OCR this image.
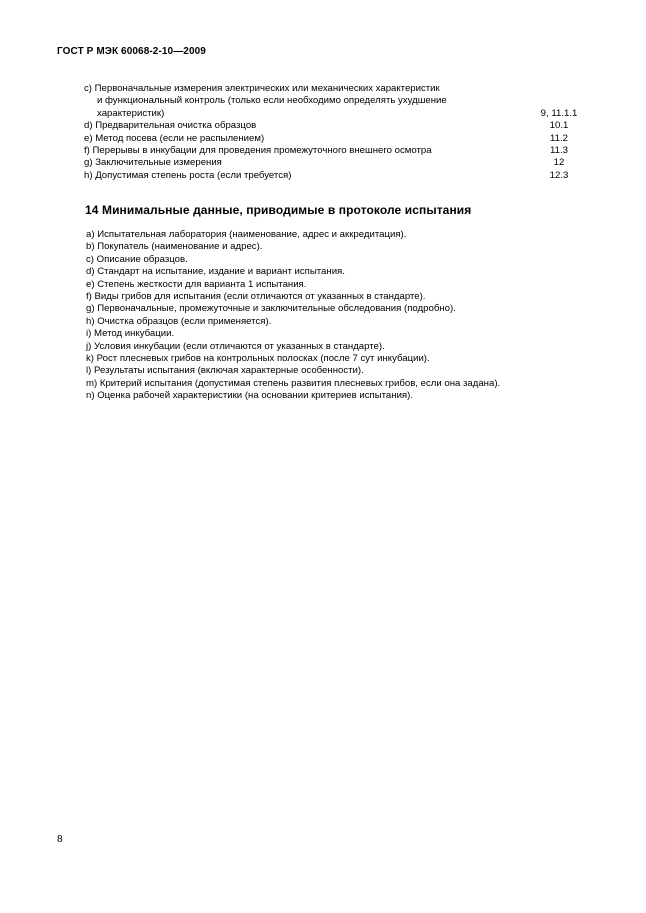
ГОСТ Р МЭК 60068-2-10—2009
c) Первоначальные измерения электрических или механических характеристик
и функциональный контроль (только если необходимо определять ухудшение
характеристик)	9, 11.1.1
d) Предварительная очистка образцов	10.1
e) Метод посева (если не распылением)	11.2
f) Перерывы в инкубации для проведения промежуточного внешнего осмотра	11.3
g) Заключительные измерения	12
h) Допустимая степень роста (если требуется)	12.3
14 Минимальные данные, приводимые в протоколе испытания
a) Испытательная лаборатория (наименование, адрес и аккредитация).
b) Покупатель (наименование и адрес).
c) Описание образцов.
d) Стандарт на испытание, издание и вариант испытания.
e) Степень жесткости для варианта 1 испытания.
f) Виды грибов для испытания (если отличаются от указанных в стандарте).
g) Первоначальные, промежуточные и заключительные обследования (подробно).
h) Очистка образцов (если применяется).
i) Метод инкубации.
j) Условия инкубации (если отличаются от указанных в стандарте).
k) Рост плесневых грибов на контрольных полосках (после 7 сут инкубации).
l) Результаты испытания (включая характерные особенности).
m) Критерий испытания (допустимая степень развития плесневых грибов, если она задана).
n) Оценка рабочей характеристики (на основании критериев испытания).
8
